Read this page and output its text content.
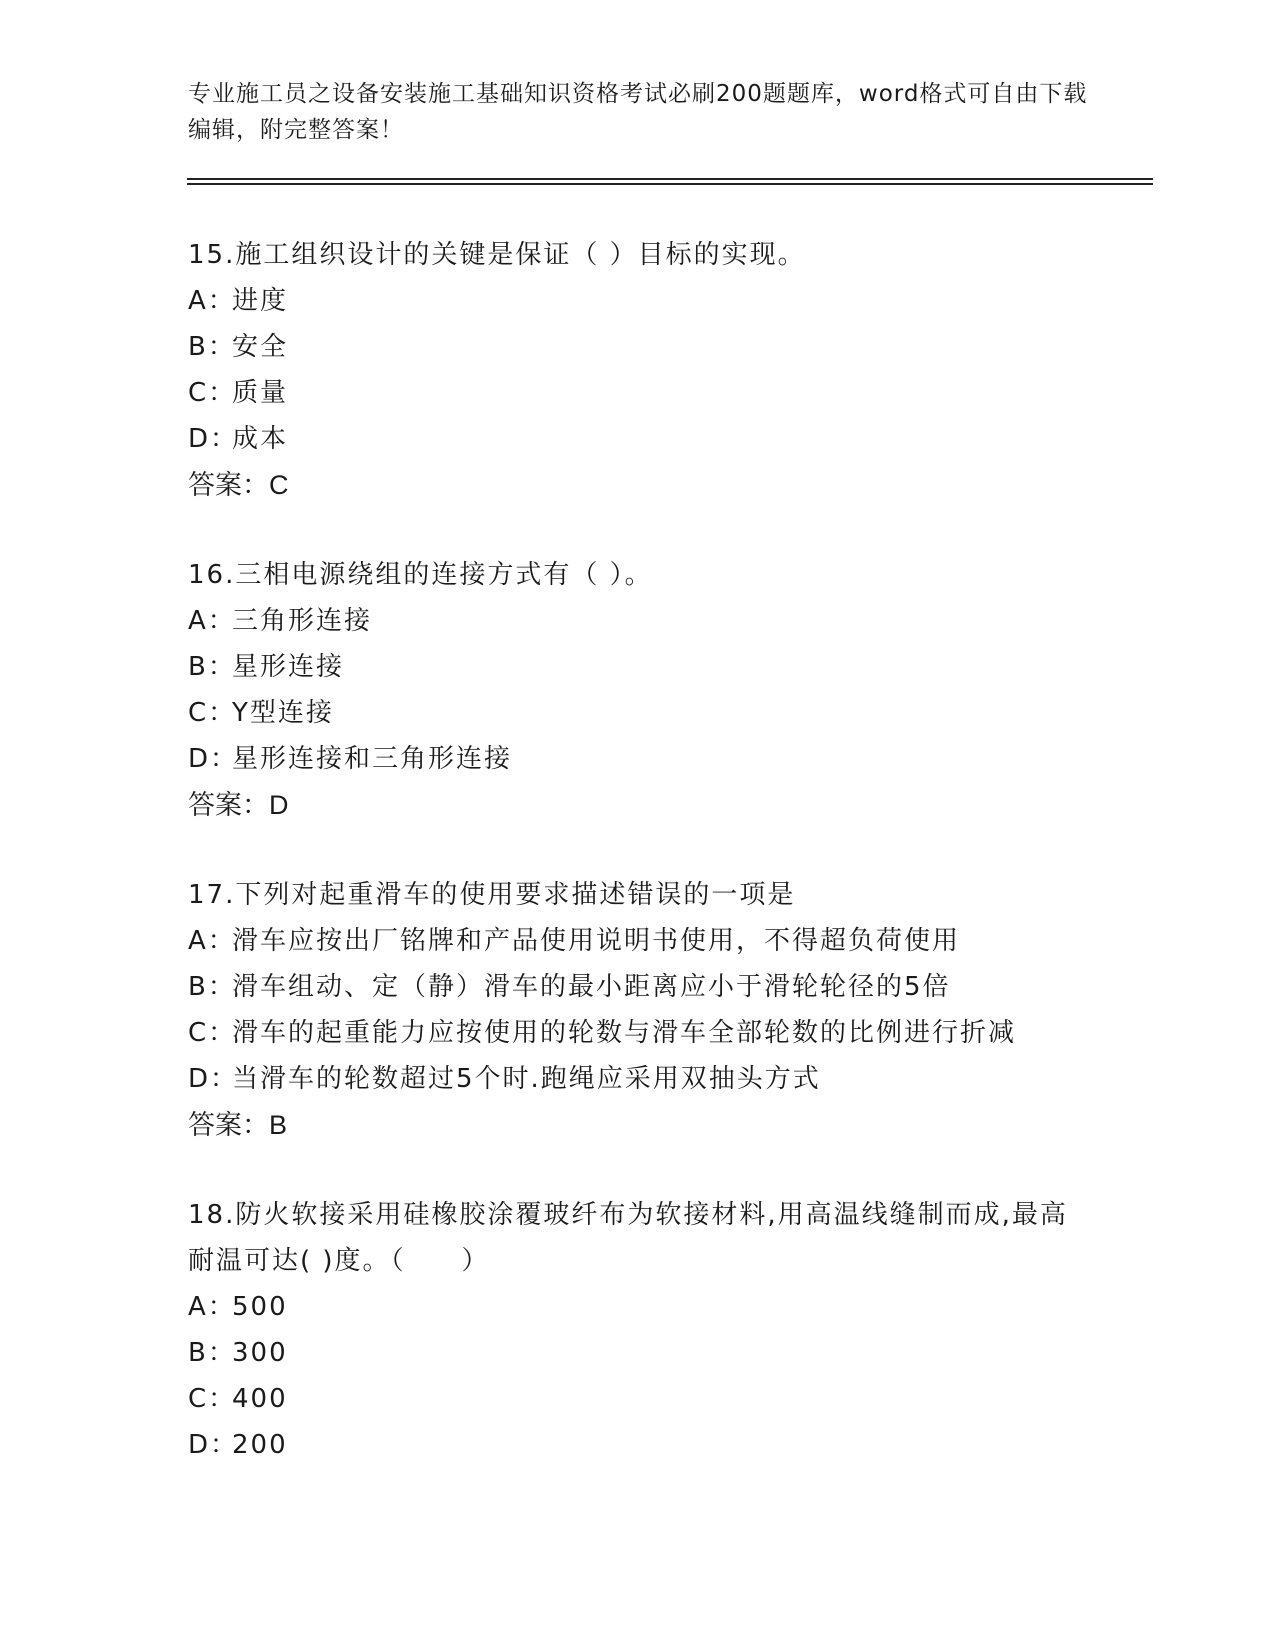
专业施工员之设备安装施工基础知识资格考试必刷200题题库，word格式可自由下载编辑，附完整答案！

15.施工组织设计的关键是保证（ ）目标的实现。

A：
进度

B：
安全

C：
质量

D：
成本

答案：C

16.三相电源绕组的连接方式有（ ）。

A：
三角形连接

B：
星形连接

C：
Y型连接

D：
星形连接和三角形连接

答案：D

17.下列对起重滑车的使用要求描述错误的一项是

A：
滑车应按出厂铭牌和产品使用说明书使用，不得超负荷使用

B：
滑车组动、定（静）滑车的最小距离应小于滑轮轮径的5倍

C：
滑车的起重能力应按使用的轮数与滑车全部轮数的比例进行折减

D：
当滑车的轮数超过5个时.跑绳应采用双抽头方式

答案：B

18.防火软接采用硅橡胶涂覆玻纤布为软接材料,用高温线缝制而成,最高耐温可达( )度。（　　）

A：
500

B：
300

C：
400

D：
200
